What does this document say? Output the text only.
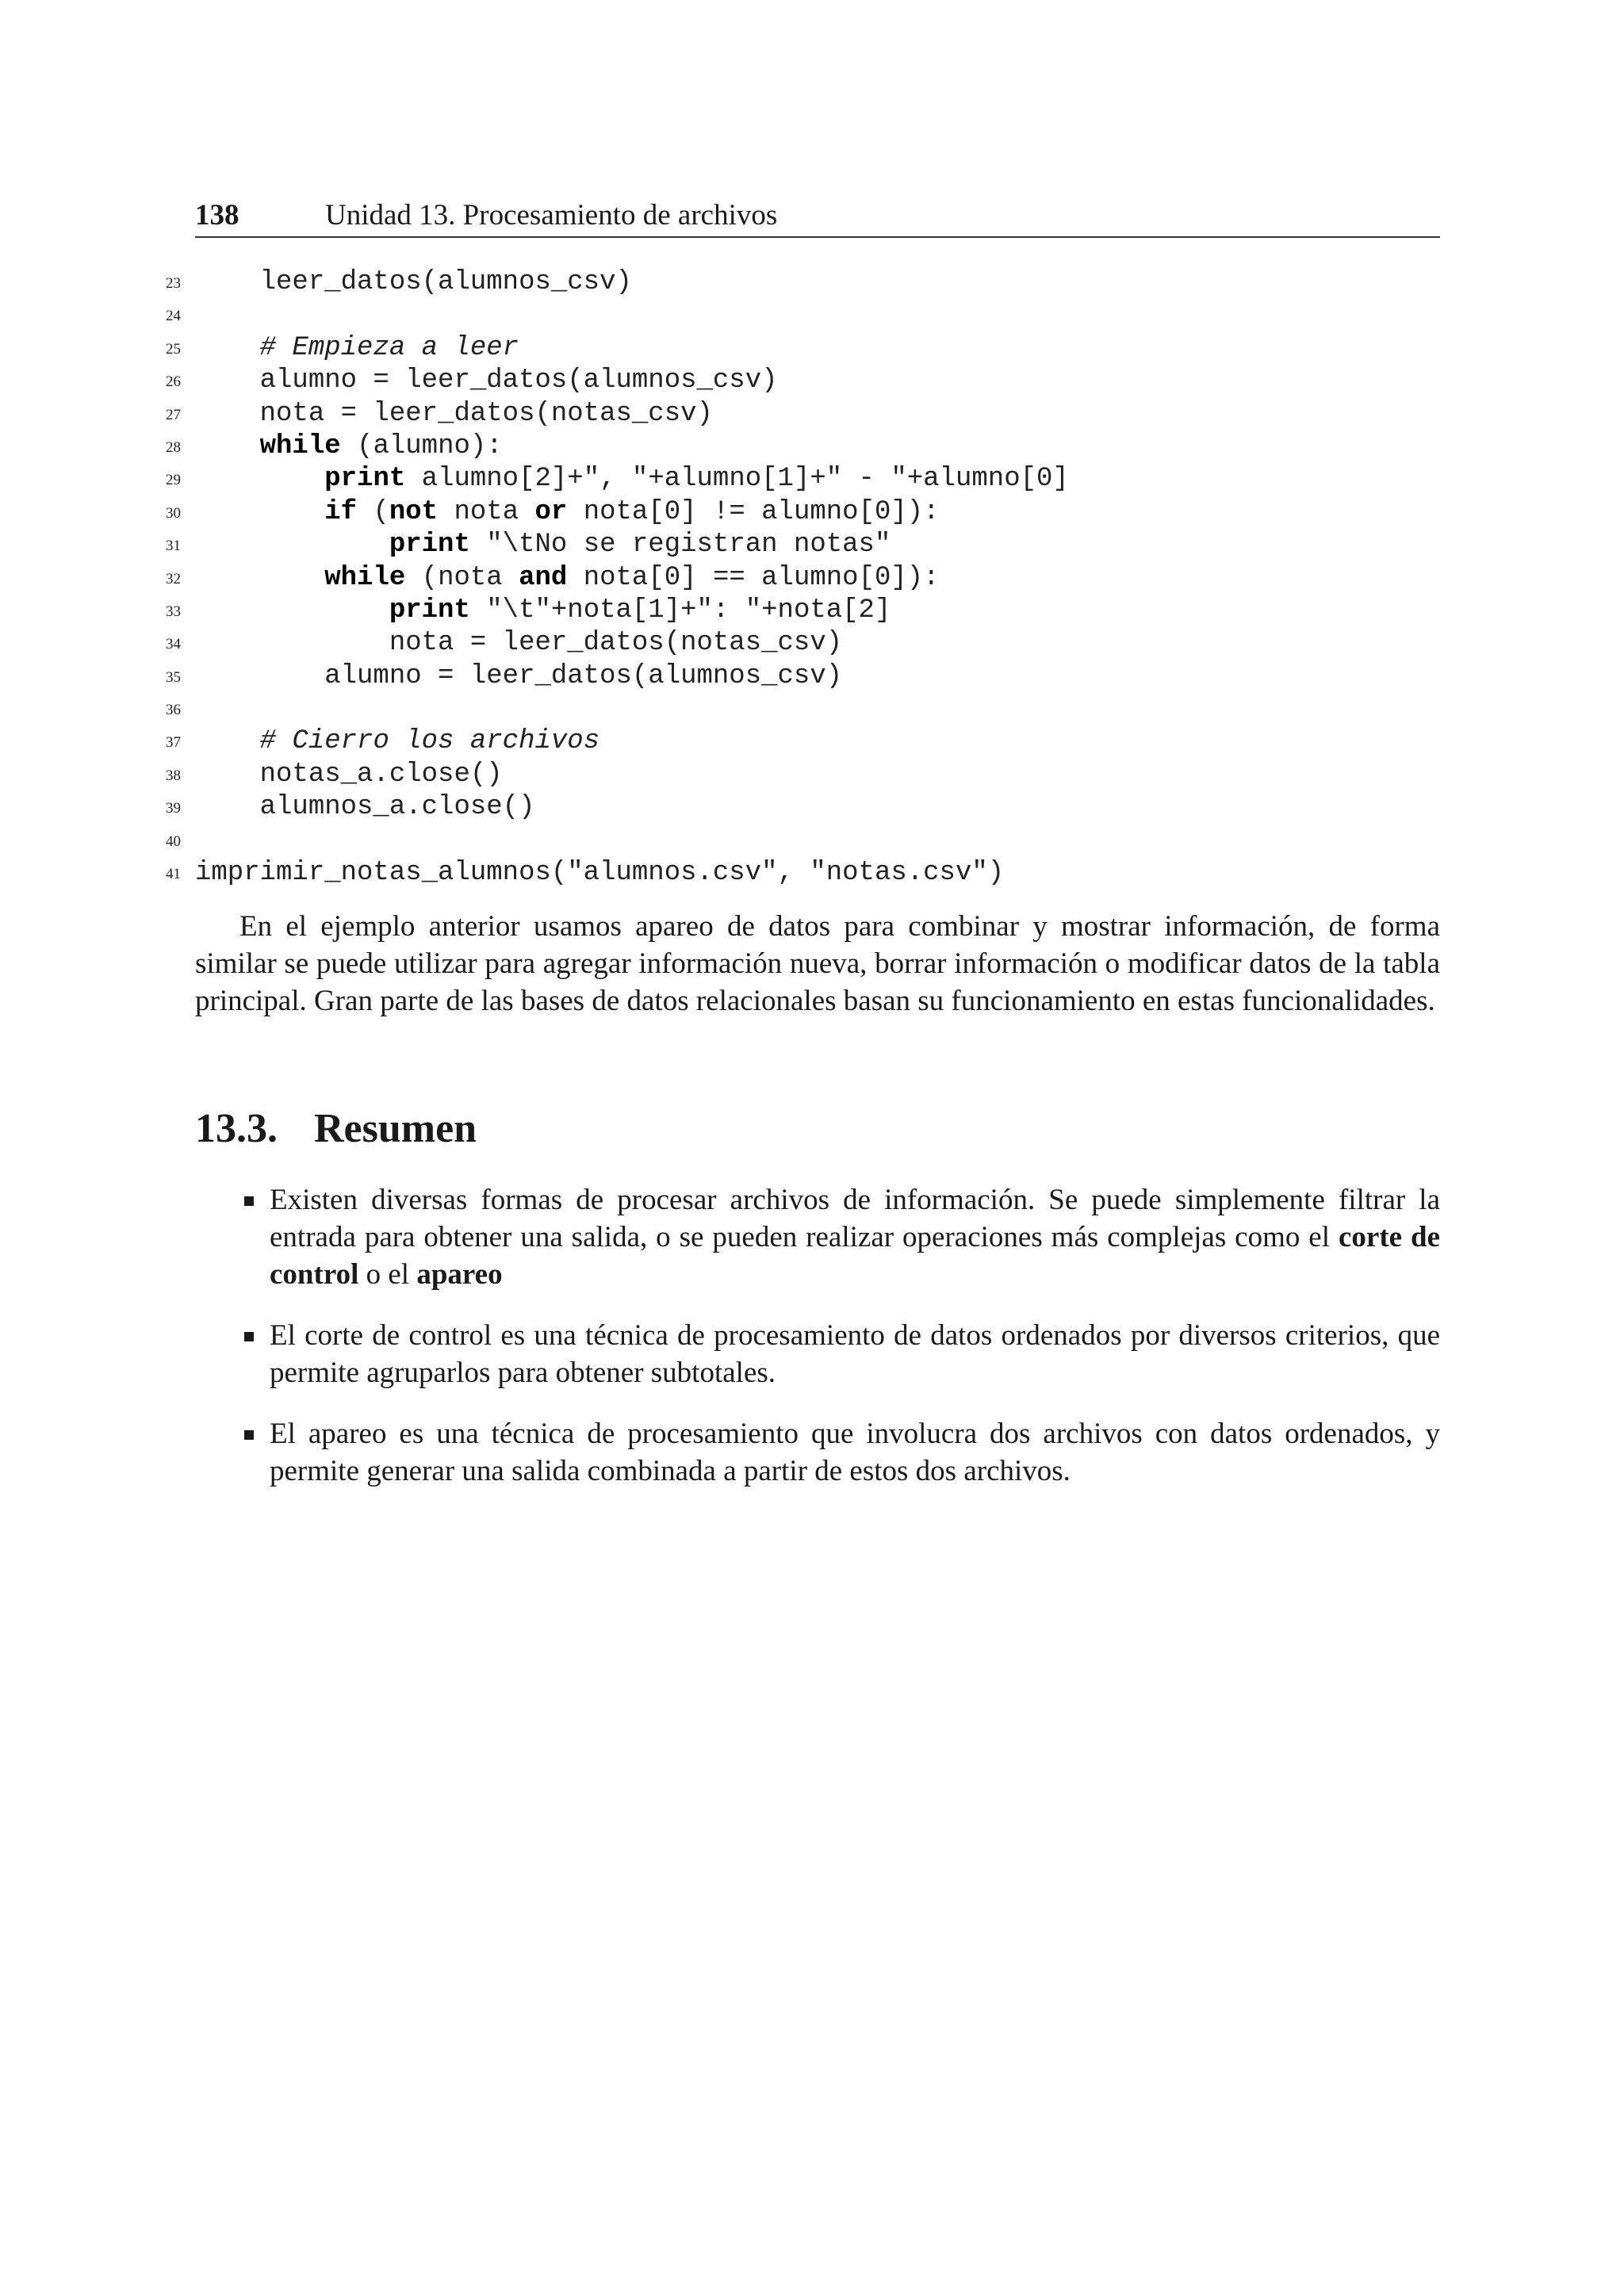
138	Unidad 13. Procesamiento de archivos
23 leer_datos(alumnos_csv)
24
25	# Empieza a leer
26 alumno = leer_datos(alumnos_csv)
27 nota = leer_datos(notas_csv)
28	while (alumno):
29	print alumno[2]+", "+alumno[1]+" - "+alumno[0]
30	if (not nota or nota[0] != alumno[0]):
31	print "\tNo se registran notas"
32	while (nota and nota[0] == alumno[0]):
33	print "\t"+nota[1]+": "+nota[2]
34 nota = leer_datos(notas_csv)
35 alumno = leer_datos(alumnos_csv)
36
37	# Cierro los archivos
38 notas_a.close()
39 alumnos_a.close()
40
41 imprimir_notas_alumnos("alumnos.csv", "notas.csv")

En el ejemplo anterior usamos apareo de datos para combinar y mostrar información, de forma similar se puede utilizar para agregar información nueva, borrar información o modificar datos de la tabla principal. Gran parte de las bases de datos relacionales basan su funcionamiento en estas funcionalidades.

13.3. Resumen
Existen diversas formas de procesar archivos de información. Se puede simplemente filtrar la entrada para obtener una salida, o se pueden realizar operaciones más complejas como el corte de control o el apareo
El corte de control es una técnica de procesamiento de datos ordenados por diversos criterios, que permite agruparlos para obtener subtotales.
El apareo es una técnica de procesamiento que involucra dos archivos con datos ordenados, y permite generar una salida combinada a partir de estos dos archivos.
